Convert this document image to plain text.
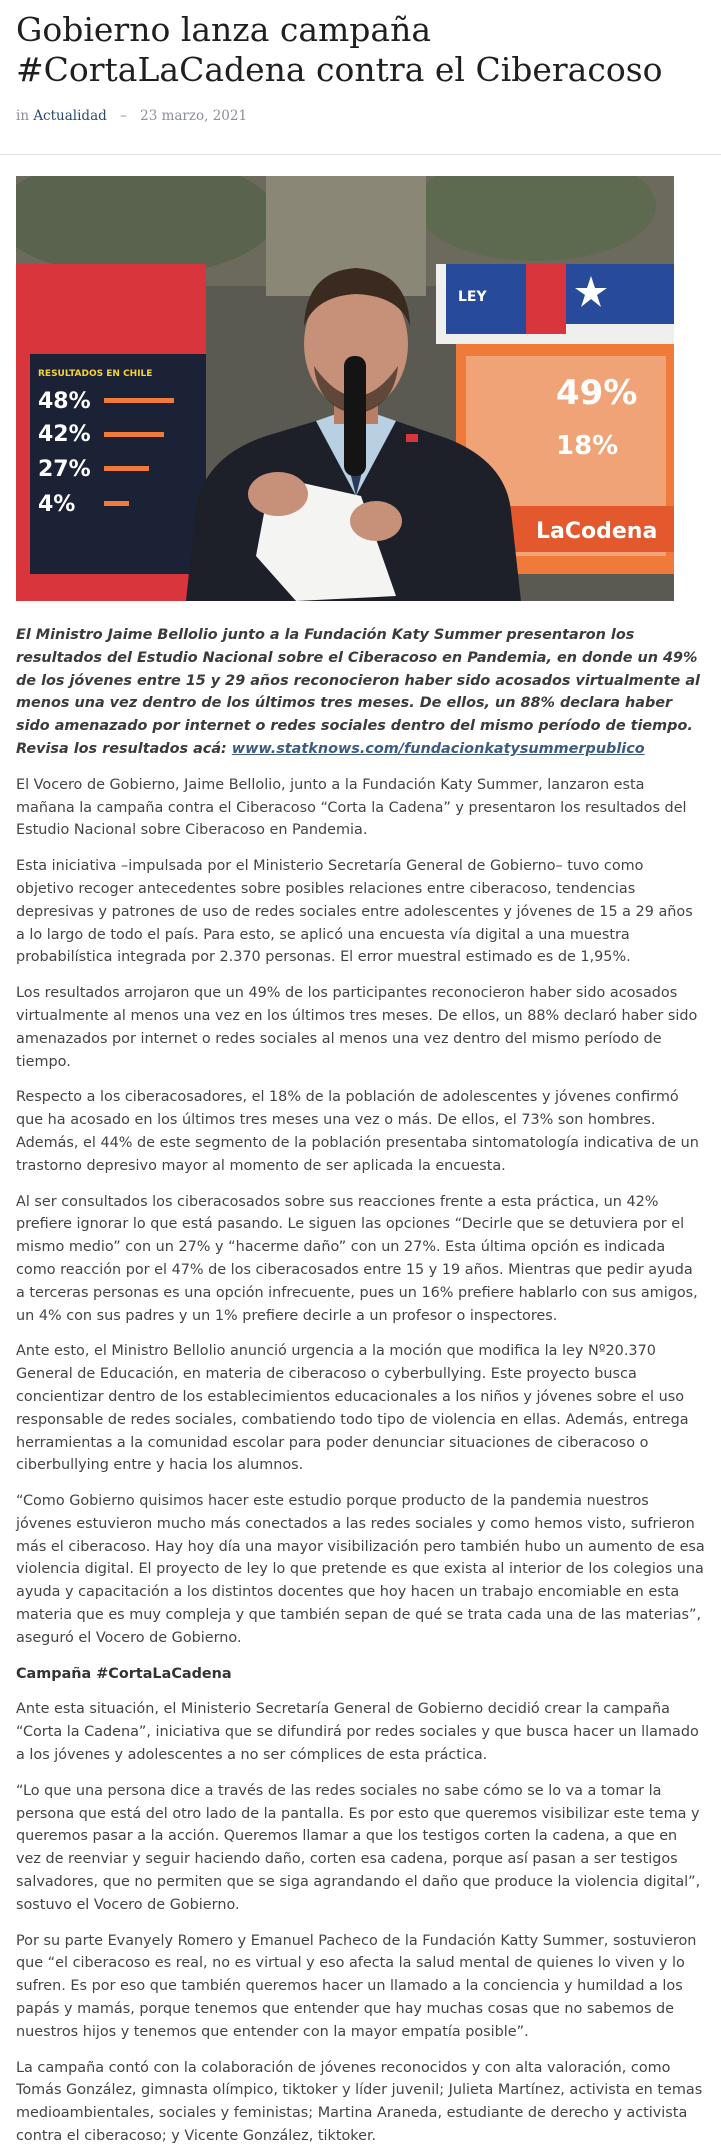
Gobierno lanza campaña #CortaLaCadena contra el Ciberacoso
in Actualidad – 23 marzo, 2021
RESULTADOS EN CHILE
48%
42%
27%
4%
LEY
49%
18%
LaCodena
El Ministro Jaime Bellolio junto a la Fundación Katy Summer presentaron los resultados del Estudio Nacional sobre el Ciberacoso en Pandemia, en donde un 49% de los jóvenes entre 15 y 29 años reconocieron haber sido acosados virtualmente al menos una vez dentro de los últimos tres meses. De ellos, un 88% declara haber sido amenazado por internet o redes sociales dentro del mismo período de tiempo. Revisa los resultados acá: www.statknows.com/fundacionkatysummerpublico

El Vocero de Gobierno, Jaime Bellolio, junto a la Fundación Katy Summer, lanzaron esta mañana la campaña contra el Ciberacoso “Corta la Cadena” y presentaron los resultados del Estudio Nacional sobre Ciberacoso en Pandemia.

Esta iniciativa –impulsada por el Ministerio Secretaría General de Gobierno– tuvo como objetivo recoger antecedentes sobre posibles relaciones entre ciberacoso, tendencias depresivas y patrones de uso de redes sociales entre adolescentes y jóvenes de 15 a 29 años a lo largo de todo el país. Para esto, se aplicó una encuesta vía digital a una muestra probabilística integrada por 2.370 personas. El error muestral estimado es de 1,95%.

Los resultados arrojaron que un 49% de los participantes reconocieron haber sido acosados virtualmente al menos una vez en los últimos tres meses. De ellos, un 88% declaró haber sido amenazados por internet o redes sociales al menos una vez dentro del mismo período de tiempo.

Respecto a los ciberacosadores, el 18% de la población de adolescentes y jóvenes confirmó que ha acosado en los últimos tres meses una vez o más. De ellos, el 73% son hombres. Además, el 44% de este segmento de la población presentaba sintomatología indicativa de un trastorno depresivo mayor al momento de ser aplicada la encuesta.

Al ser consultados los ciberacosados sobre sus reacciones frente a esta práctica, un 42% prefiere ignorar lo que está pasando. Le siguen las opciones “Decirle que se detuviera por el mismo medio” con un 27% y “hacerme daño” con un 27%. Esta última opción es indicada como reacción por el 47% de los ciberacosados entre 15 y 19 años. Mientras que pedir ayuda a terceras personas es una opción infrecuente, pues un 16% prefiere hablarlo con sus amigos, un 4% con sus padres y un 1% prefiere decirle a un profesor o inspectores.

Ante esto, el Ministro Bellolio anunció urgencia a la moción que modifica la ley Nº20.370 General de Educación, en materia de ciberacoso o cyberbullying. Este proyecto busca concientizar dentro de los establecimientos educacionales a los niños y jóvenes sobre el uso responsable de redes sociales, combatiendo todo tipo de violencia en ellas. Además, entrega herramientas a la comunidad escolar para poder denunciar situaciones de ciberacoso o ciberbullying entre y hacia los alumnos.

“Como Gobierno quisimos hacer este estudio porque producto de la pandemia nuestros jóvenes estuvieron mucho más conectados a las redes sociales y como hemos visto, sufrieron más el ciberacoso. Hay hoy día una mayor visibilización pero también hubo un aumento de esa violencia digital. El proyecto de ley lo que pretende es que exista al interior de los colegios una ayuda y capacitación a los distintos docentes que hoy hacen un trabajo encomiable en esta materia que es muy compleja y que también sepan de qué se trata cada una de las materias”, aseguró el Vocero de Gobierno.

Campaña #CortaLaCadena

Ante esta situación, el Ministerio Secretaría General de Gobierno decidió crear la campaña “Corta la Cadena”, iniciativa que se difundirá por redes sociales y que busca hacer un llamado a los jóvenes y adolescentes a no ser cómplices de esta práctica.

“Lo que una persona dice a través de las redes sociales no sabe cómo se lo va a tomar la persona que está del otro lado de la pantalla. Es por esto que queremos visibilizar este tema y queremos pasar a la acción. Queremos llamar a que los testigos corten la cadena, a que en vez de reenviar y seguir haciendo daño, corten esa cadena, porque así pasan a ser testigos salvadores, que no permiten que se siga agrandando el daño que produce la violencia digital”, sostuvo el Vocero de Gobierno.

Por su parte Evanyely Romero y Emanuel Pacheco de la Fundación Katty Summer, sostuvieron que “el ciberacoso es real, no es virtual y eso afecta la salud mental de quienes lo viven y lo sufren. Es por eso que también queremos hacer un llamado a la conciencia y humildad a los papás y mamás, porque tenemos que entender que hay muchas cosas que no sabemos de nuestros hijos y tenemos que entender con la mayor empatía posible”.

La campaña contó con la colaboración de jóvenes reconocidos y con alta valoración, como Tomás González, gimnasta olímpico, tiktoker y líder juvenil; Julieta Martínez, activista en temas medioambientales, sociales y feministas; Martina Araneda, estudiante de derecho y activista contra el ciberacoso; y Vicente González, tiktoker.
